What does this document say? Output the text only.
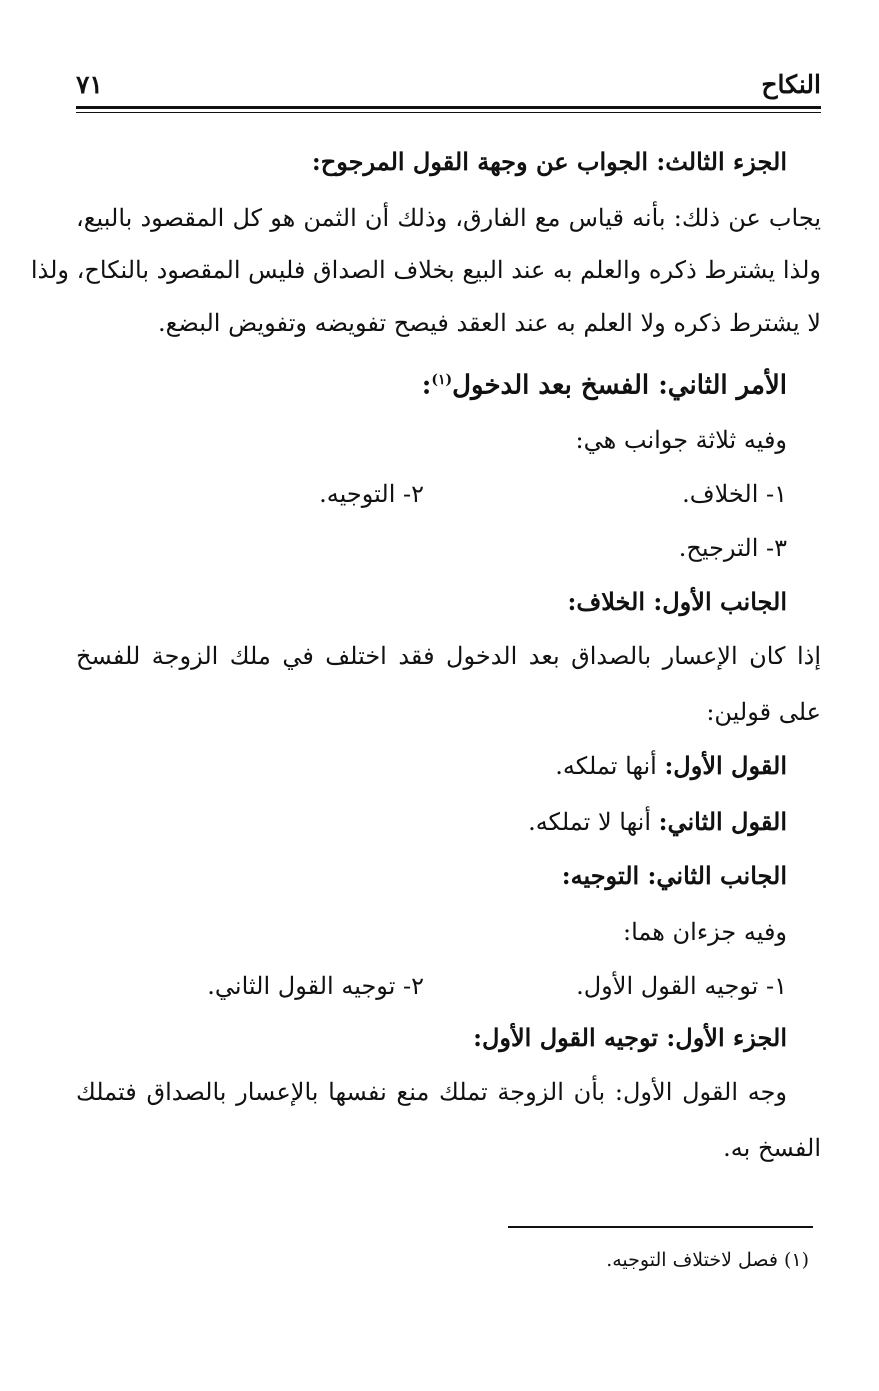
النكاح
٧١
الجزء الثالث: الجواب عن وجهة القول المرجوح:
يجاب عن ذلك: بأنه قياس مع الفارق، وذلك أن الثمن هو كل المقصود بالبيع،
ولذا يشترط ذكره والعلم به عند البيع بخلاف الصداق فليس المقصود بالنكاح، ولذا
لا يشترط ذكره ولا العلم به عند العقد فيصح تفويضه وتفويض البضع.
الأمر الثاني: الفسخ بعد الدخول$^{(١)}$:
وفيه ثلاثة جوانب هي:
١- الخلاف.
٢- التوجيه.
٣- الترجيح.
الجانب الأول: الخلاف:
إذا كان الإعسار بالصداق بعد الدخول فقد اختلف في ملك الزوجة للفسخ
على قولين:
القول الأول: أنها تملكه.
القول الثاني: أنها لا تملكه.
الجانب الثاني: التوجيه:
وفيه جزءان هما:
١- توجيه القول الأول.
٢- توجيه القول الثاني.
الجزء الأول: توجيه القول الأول:
وجه القول الأول: بأن الزوجة تملك منع نفسها بالإعسار بالصداق فتملك
الفسخ به.
(١) فصل لاختلاف التوجيه.
